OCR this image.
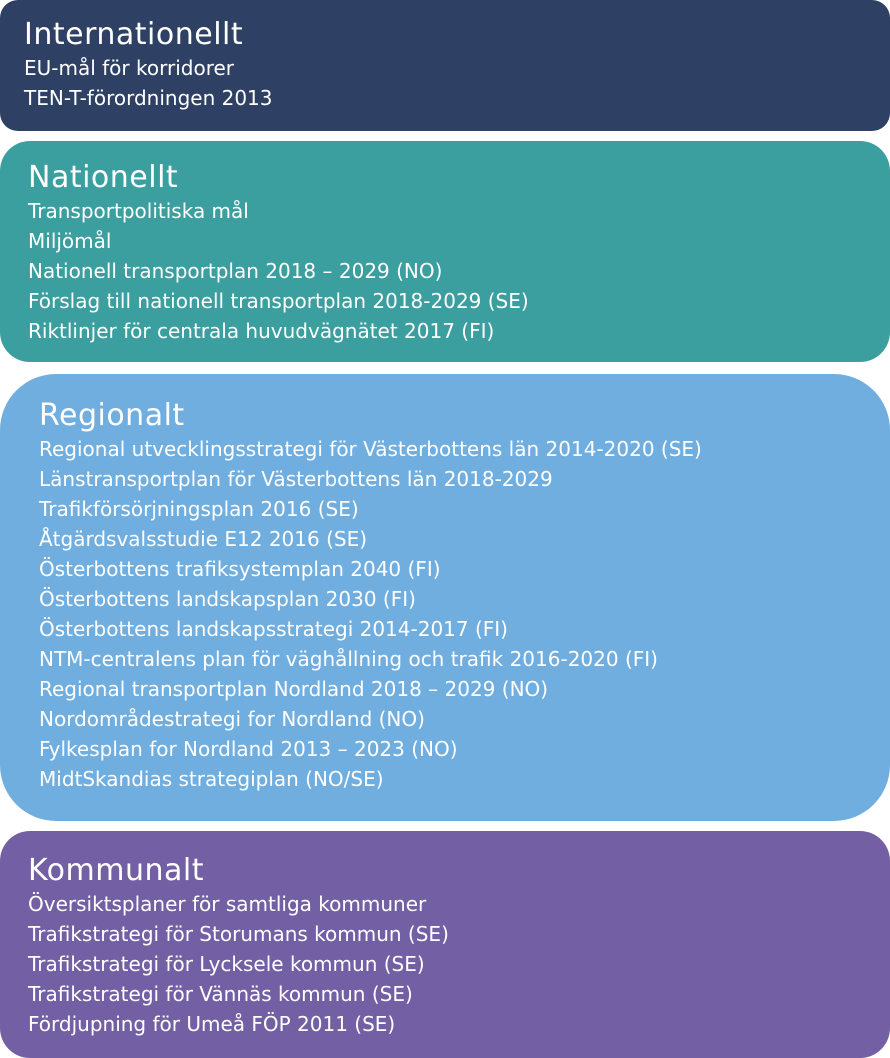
Internationellt
EU-mål för korridorer
TEN-T-förordningen 2013
Nationellt
Transportpolitiska mål
Miljömål
Nationell transportplan 2018 – 2029 (NO)
Förslag till nationell transportplan 2018-2029 (SE)
Riktlinjer för centrala huvudvägnätet 2017 (FI)
Regionalt
Regional utvecklingsstrategi för Västerbottens län 2014-2020 (SE)
Länstransportplan för Västerbottens län 2018-2029
Trafikförsörjningsplan 2016 (SE)
Åtgärdsvalsstudie E12 2016 (SE)
Österbottens trafiksystemplan 2040 (FI)
Österbottens landskapsplan 2030 (FI)
Österbottens landskapsstrategi 2014-2017 (FI)
NTM-centralens plan för väghållning och trafik 2016-2020 (FI)
Regional transportplan Nordland 2018 – 2029 (NO)
Nordområdestrategi for Nordland (NO)
Fylkesplan for Nordland 2013 – 2023 (NO)
MidtSkandias strategiplan (NO/SE)
Kommunalt
Översiktsplaner för samtliga kommuner
Trafikstrategi för Storumans kommun (SE)
Trafikstrategi för Lycksele kommun (SE)
Trafikstrategi för Vännäs kommun (SE)
Fördjupning för Umeå FÖP 2011 (SE)
